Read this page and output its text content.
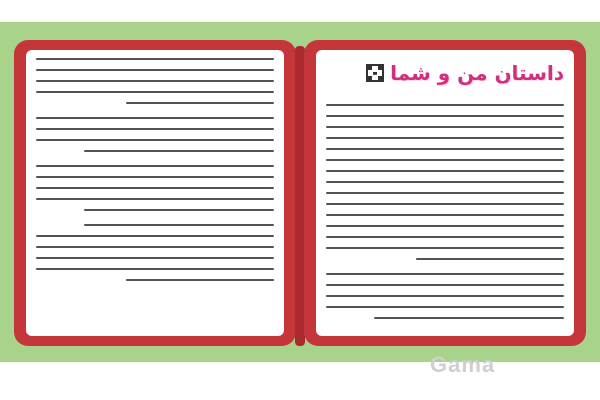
داستان من و شما
Gama
